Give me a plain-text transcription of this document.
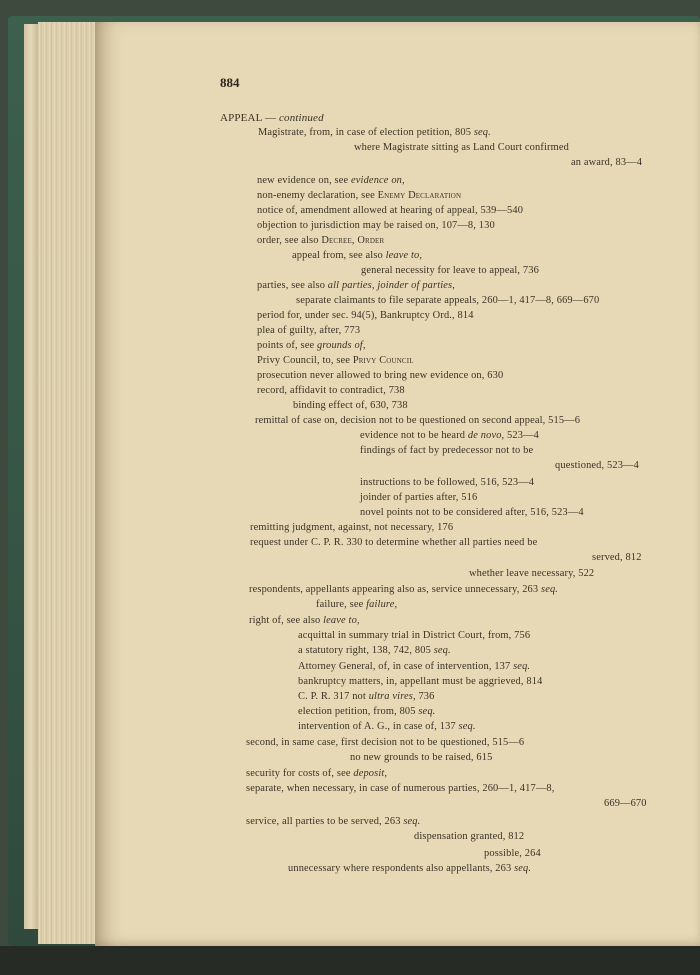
884
APPEAL — continued
Magistrate, from, in case of election petition, 805 seq.
where Magistrate sitting as Land Court confirmed
an award, 83—4
new evidence on, see evidence on,
non-enemy declaration, see Enemy Declaration
notice of, amendment allowed at hearing of appeal, 539—540
objection to jurisdiction may be raised on, 107—8, 130
order, see also Decree, Order
appeal from, see also leave to,
general necessity for leave to appeal, 736
parties, see also all parties, joinder of parties,
separate claimants to file separate appeals, 260—1, 417—8, 669—670
period for, under sec. 94(5), Bankruptcy Ord., 814
plea of guilty, after, 773
points of, see grounds of,
Privy Council, to, see Privy Council
prosecution never allowed to bring new evidence on, 630
record, affidavit to contradict, 738
binding effect of, 630, 738
remittal of case on, decision not to be questioned on second appeal, 515—6
evidence not to be heard de novo, 523—4
findings of fact by predecessor not to be
questioned, 523—4
instructions to be followed, 516, 523—4
joinder of parties after, 516
novel points not to be considered after, 516, 523—4
remitting judgment, against, not necessary, 176
request under C. P. R. 330 to determine whether all parties need be
served, 812
whether leave necessary, 522
respondents, appellants appearing also as, service unnecessary, 263 seq.
failure, see failure,
right of, see also leave to,
acquittal in summary trial in District Court, from, 756
a statutory right, 138, 742, 805 seq.
Attorney General, of, in case of intervention, 137 seq.
bankruptcy matters, in, appellant must be aggrieved, 814
C. P. R. 317 not ultra vires, 736
election petition, from, 805 seq.
intervention of A. G., in case of, 137 seq.
second, in same case, first decision not to be questioned, 515—6
no new grounds to be raised, 615
security for costs of, see deposit,
separate, when necessary, in case of numerous parties, 260—1, 417—8,
669—670
service, all parties to be served, 263 seq.
dispensation granted, 812
possible, 264
unnecessary where respondents also appellants, 263 seq.
